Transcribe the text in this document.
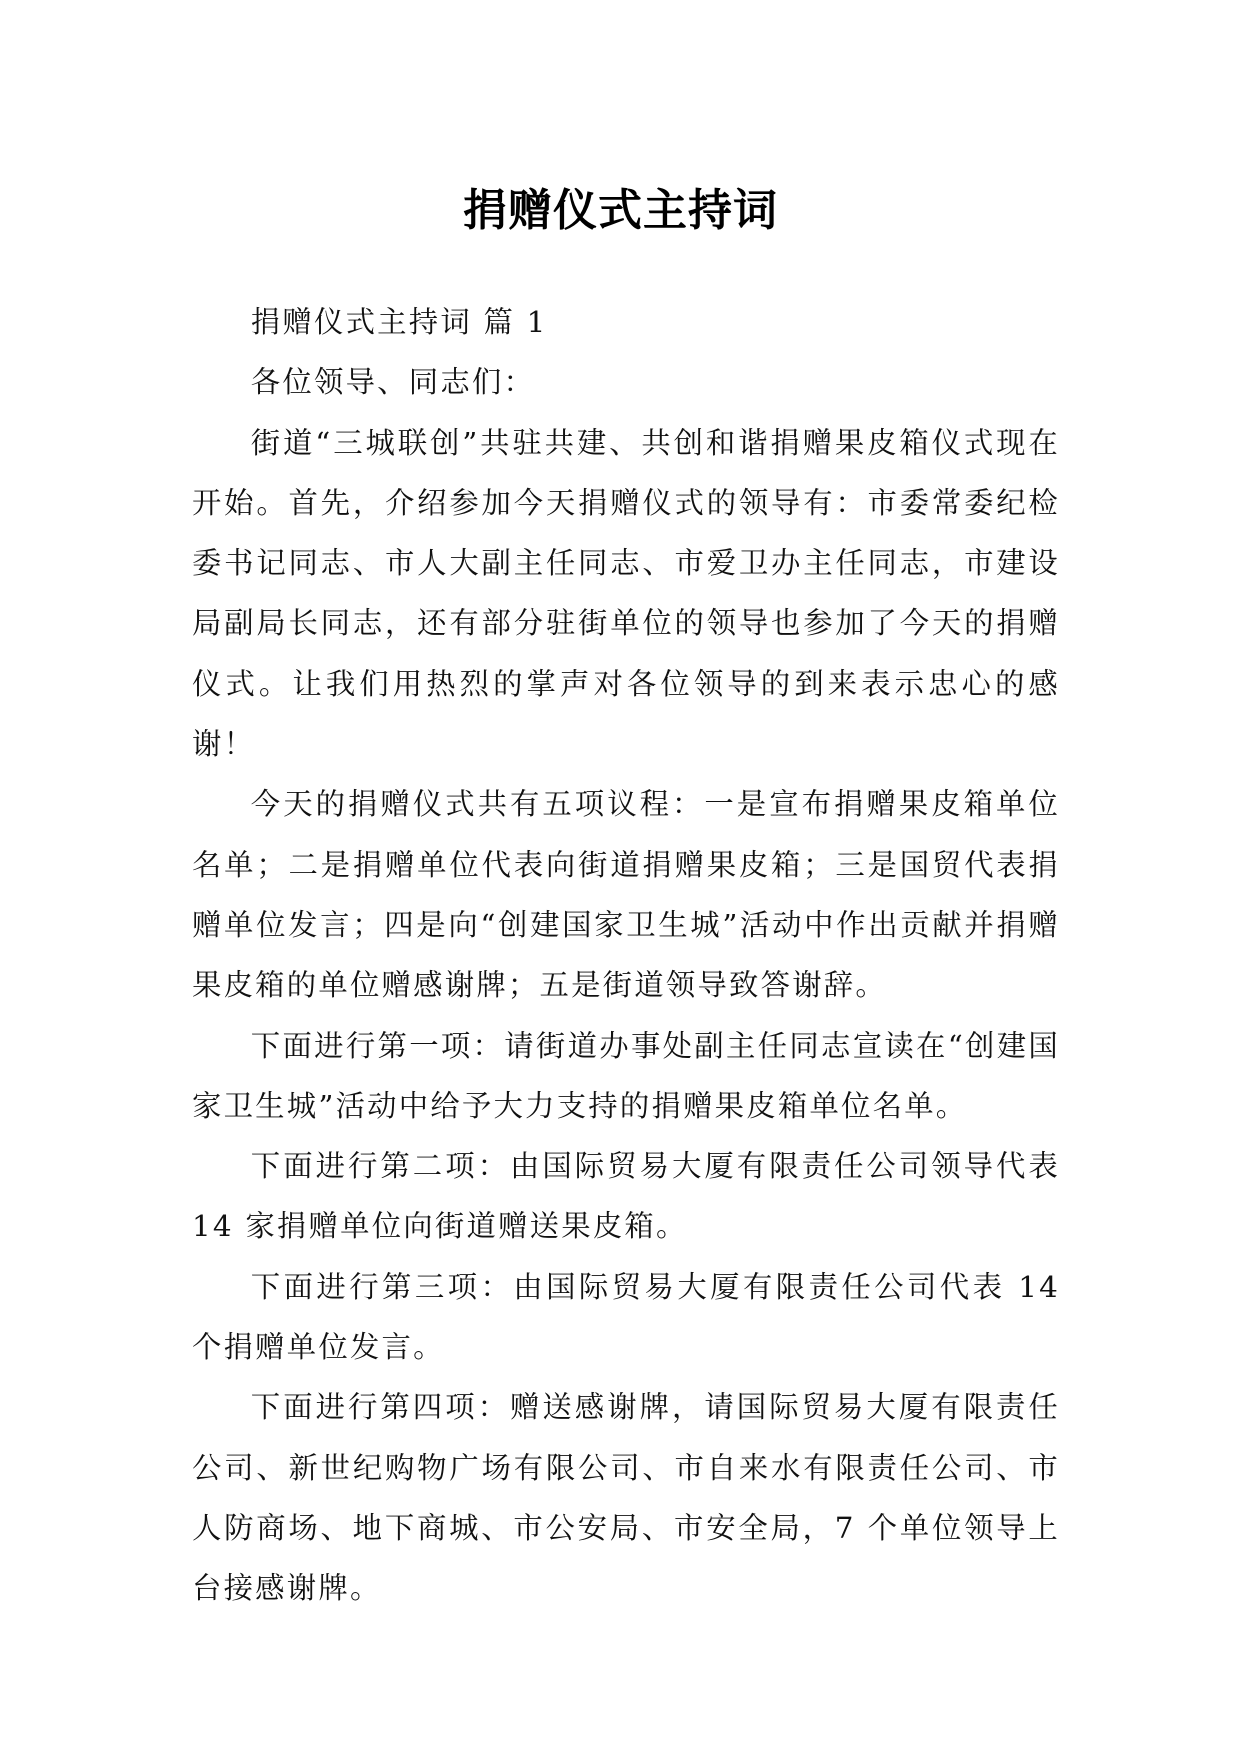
捐赠仪式主持词

捐赠仪式主持词 篇 1

各位领导、同志们：

街道“三城联创”共驻共建、共创和谐捐赠果皮箱仪式现在开始。首先，介绍参加今天捐赠仪式的领导有：市委常委纪检委书记同志、市人大副主任同志、市爱卫办主任同志，市建设局副局长同志，还有部分驻街单位的领导也参加了今天的捐赠仪式。让我们用热烈的掌声对各位领导的到来表示忠心的感谢！

今天的捐赠仪式共有五项议程：一是宣布捐赠果皮箱单位名单；二是捐赠单位代表向街道捐赠果皮箱；三是国贸代表捐赠单位发言；四是向“创建国家卫生城”活动中作出贡献并捐赠果皮箱的单位赠感谢牌；五是街道领导致答谢辞。

下面进行第一项：请街道办事处副主任同志宣读在“创建国家卫生城”活动中给予大力支持的捐赠果皮箱单位名单。

下面进行第二项：由国际贸易大厦有限责任公司领导代表 14 家捐赠单位向街道赠送果皮箱。

下面进行第三项：由国际贸易大厦有限责任公司代表 14 个捐赠单位发言。

下面进行第四项：赠送感谢牌，请国际贸易大厦有限责任公司、新世纪购物广场有限公司、市自来水有限责任公司、市人防商场、地下商城、市公安局、市安全局，7 个单位领导上台接感谢牌。
